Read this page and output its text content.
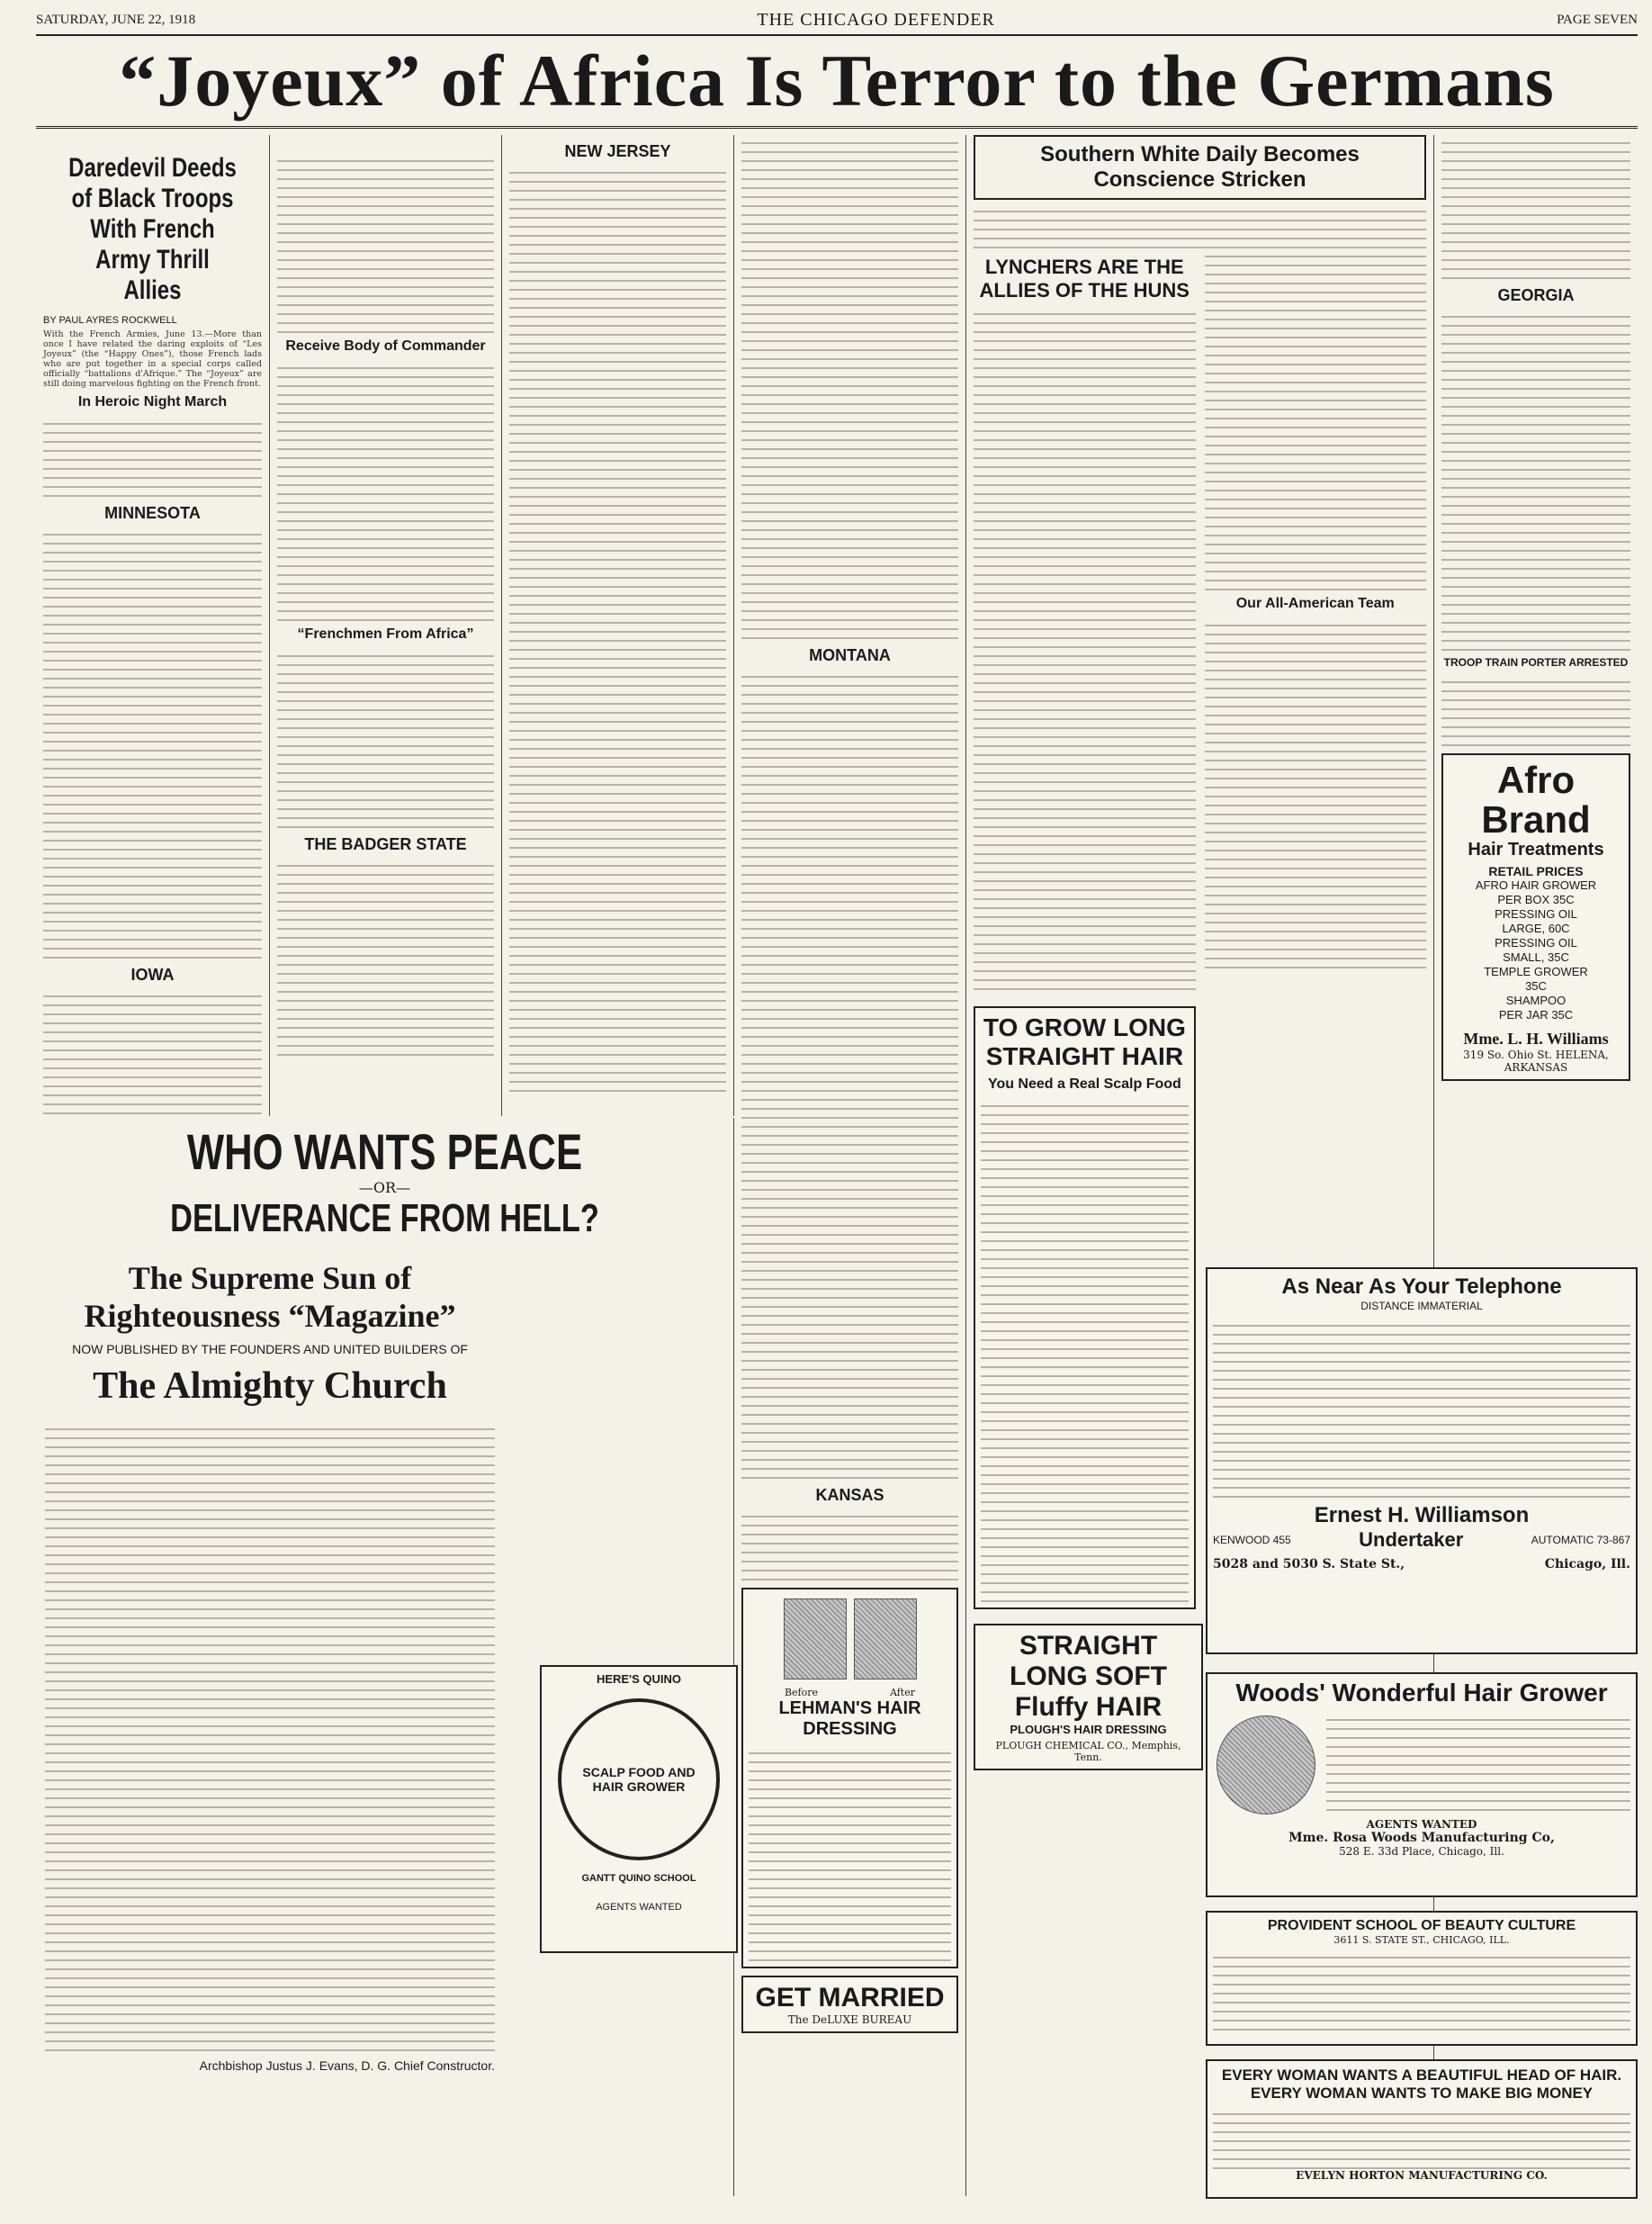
SATURDAY, JUNE 22, 1918	THE CHICAGO DEFENDER	PAGE SEVEN
“Joyeux” of Africa Is Terror to the Germans
Daredevil Deeds of Black Troops With French Army Thrill Allies
BY PAUL AYRES ROCKWELL
With the French Armies, June 13.—More than once I have related the daring exploits of “Les Joyeux” (the “Happy Ones”), those French lads who are put together in a special corps called officially “battalions d'Afrique.” The “Joyeux” are still doing marvelous fighting on the French front.
In Heroic Night March
MINNESOTA
IOWA
Receive Body of Commander
“Frenchmen From Africa”
THE BADGER STATE
NEW JERSEY
WHO WANTS PEACE
—OR—
DELIVERANCE FROM HELL?
The Supreme Sun of Righteousness “Magazine”
NOW PUBLISHED BY THE FOUNDERS AND UNITED BUILDERS OF
The Almighty Church
Archbishop Justus J. Evans, D. G. Chief Constructor.
HERE'S QUINO
SCALP FOOD AND HAIR GROWER
GANTT QUINO SCHOOL
AGENTS WANTED
MONTANA
KANSAS
Before	After
LEHMAN'S HAIR DRESSING
GET MARRIED
The DeLUXE BUREAU
Southern White Daily Becomes Conscience Stricken
LYNCHERS ARE THE ALLIES OF THE HUNS
Our All-American Team
TO GROW LONG STRAIGHT HAIR
You Need a Real Scalp Food
STRAIGHT LONG SOFT Fluffy HAIR
PLOUGH'S HAIR DRESSING
PLOUGH CHEMICAL CO., Memphis, Tenn.
GEORGIA
TROOP TRAIN PORTER ARRESTED
Afro Brand
Hair Treatments
RETAIL PRICES
AFRO HAIR GROWER
PER BOX 35C
PRESSING OIL
LARGE, 60C
PRESSING OIL
SMALL, 35C
TEMPLE GROWER
35C
SHAMPOO
PER JAR 35C
Mme. L. H. Williams
319 So. Ohio St. HELENA, ARKANSAS
As Near As Your Telephone
DISTANCE IMMATERIAL
Ernest H. Williamson
KENWOOD 455	Undertaker	AUTOMATIC 73-867
5028 and 5030 S. State St.,	Chicago, Ill.
Woods' Wonderful Hair Grower
AGENTS WANTED
Mme. Rosa Woods Manufacturing Co,
528 E. 33d Place, Chicago, Ill.
PROVIDENT SCHOOL OF BEAUTY CULTURE
3611 S. STATE ST., CHICAGO, ILL.
EVERY WOMAN WANTS A BEAUTIFUL HEAD OF HAIR. EVERY WOMAN WANTS TO MAKE BIG MONEY
EVELYN HORTON MANUFACTURING CO.
